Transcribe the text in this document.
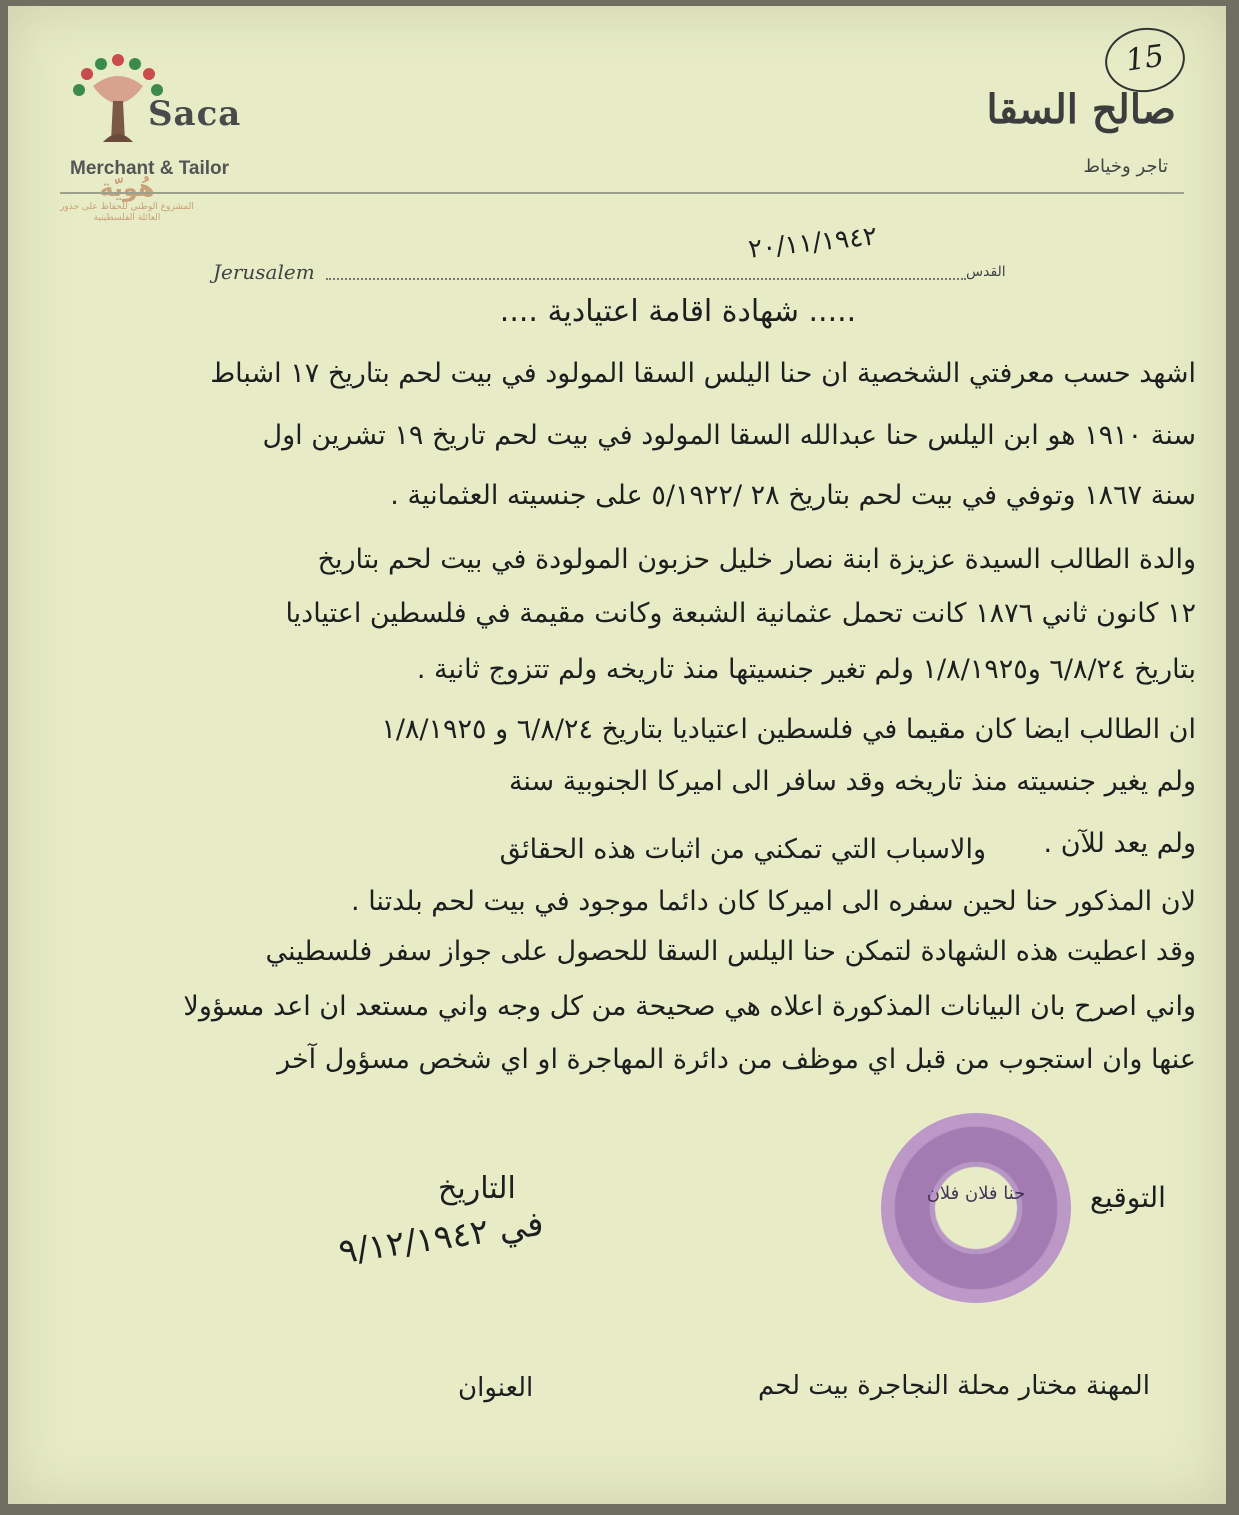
15
Saca
Merchant & Tailor
هُويّة
المشروع الوطني للحفاظ على جذور العائلة الفلسطينية
صالح السقا
تاجر وخياط
Jerusalem	القدس
٢٠/١١/١٩٤٢
..... شهادة اقامة اعتيادية ....
اشهد حسب معرفتي الشخصية ان حنا اليلس السقا المولود في بيت لحم بتاريخ ١٧ اشباط
سنة ١٩١٠ هو ابن اليلس حنا عبدالله السقا المولود في بيت لحم تاريخ ١٩ تشرين اول
سنة ١٨٦٧ وتوفي في بيت لحم بتاريخ ٢٨ /٥/١٩٢٢ على جنسيته العثمانية .
والدة الطالب السيدة عزيزة ابنة نصار خليل حزبون المولودة في بيت لحم بتاريخ
١٢ كانون ثاني ١٨٧٦ كانت تحمل عثمانية الشبعة وكانت مقيمة في فلسطين اعتياديا
بتاريخ ٦/٨/٢٤ و١/٨/١٩٢٥ ولم تغير جنسيتها منذ تاريخه ولم تتزوج ثانية .
ان الطالب ايضا كان مقيما في فلسطين اعتياديا بتاريخ ٦/٨/٢٤ و ١/٨/١٩٢٥
ولم يغير جنسيته منذ تاريخه وقد سافر الى اميركا الجنوبية سنة
ولم يعد للآن .
والاسباب التي تمكني من اثبات هذه الحقائق
لان المذكور حنا لحين سفره الى اميركا كان دائما موجود في بيت لحم بلدتنا .
وقد اعطيت هذه الشهادة لتمكن حنا اليلس السقا للحصول على جواز سفر فلسطيني
واني اصرح بان البيانات المذكورة اعلاه هي صحيحة من كل وجه واني مستعد ان اعد مسؤولا
عنها وان استجوب من قبل اي موظف من دائرة المهاجرة او اي شخص مسؤول آخر
حنا فلان فلان	التوقيع
التاريخ
في ٩/١٢/١٩٤٢
العنوان	المهنة مختار محلة النجاجرة بيت لحم
